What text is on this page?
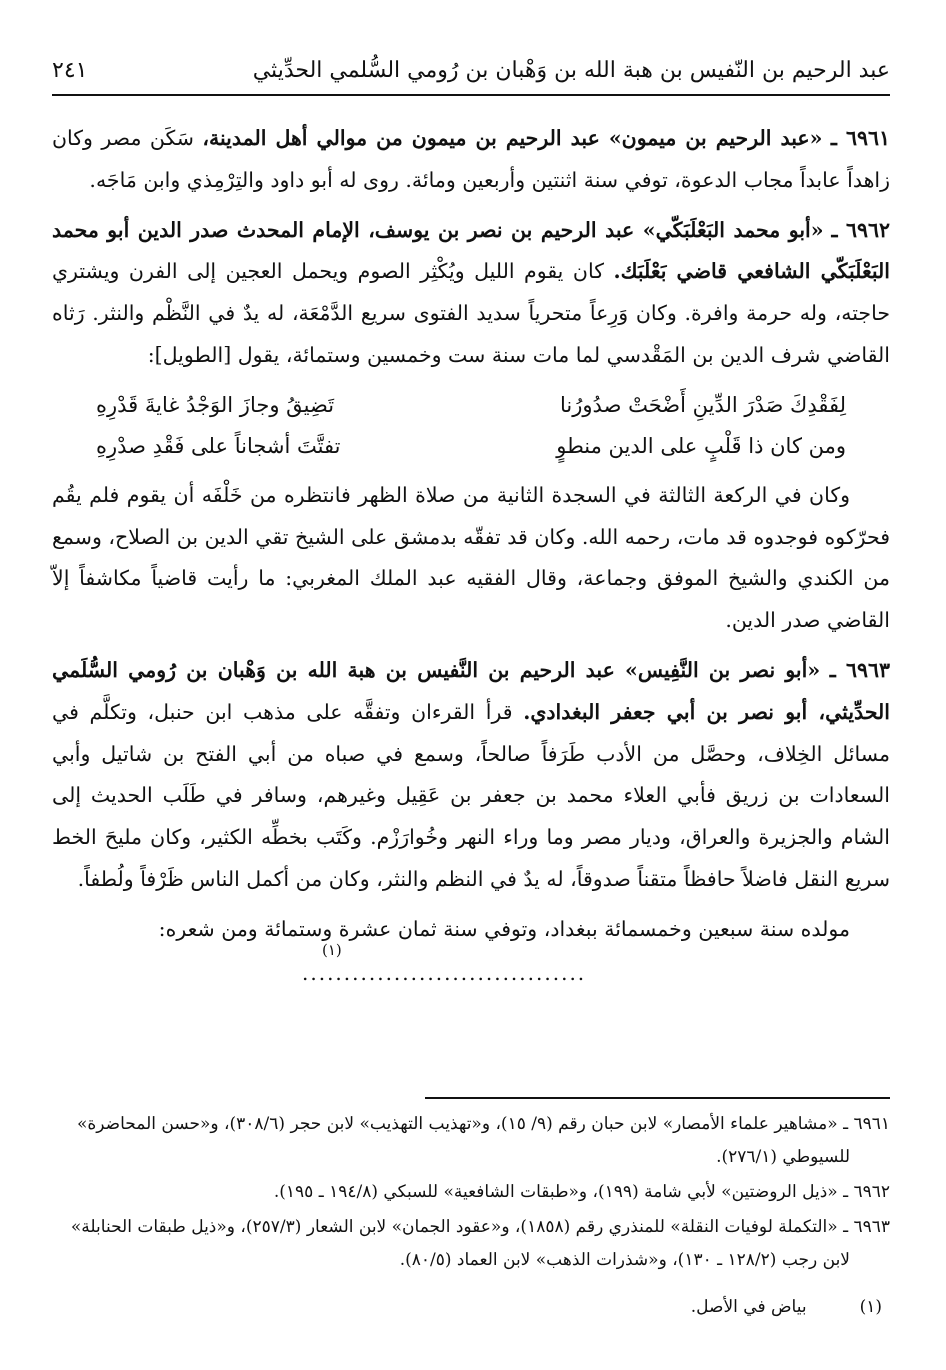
عبد الرحيم بن النّفيس بن هبة الله بن وَهْبان بن رُومي السُّلمي الحدِّيثي
٢٤١

٦٩٦١ ـ «عبد الرحيم بن ميمون» عبد الرحيم بن ميمون من موالي أهل المدينة، سَكَن مصر وكان زاهداً عابداً مجاب الدعوة، توفي سنة اثنتين وأربعين ومائة. روى له أبو داود والتِرْمِذي وابن مَاجَه.

٦٩٦٢ ـ «أبو محمد البَعْلَبَكّي» عبد الرحيم بن نصر بن يوسف، الإمام المحدث صدر الدين أبو محمد البَعْلَبَكّي الشافعي قاضي بَعْلَبَك. كان يقوم الليل ويُكْثِر الصوم ويحمل العجين إلى الفرن ويشتري حاجته، وله حرمة وافرة. وكان وَرِعاً متحرياً سديد الفتوى سريع الدَّمْعَة، له يدٌ في النَّظْم والنثر. رَثاه القاضي شرف الدين بن المَقْدسي لما مات سنة ست وخمسين وستمائة، يقول [الطويل]:

لِفَقْدِكَ صَدْرَ الدِّينِ أَضْحَتْ صدُورُنا
تَضِيقُ وجازَ الوَجْدُ غايةَ قَدْرِهِ
ومن كان ذا قَلْبٍ على الدين منطوٍ
تفتَّتَ أشجاناً على فَقْدِ صدْرِهِ

وكان في الركعة الثالثة في السجدة الثانية من صلاة الظهر فانتظره من خَلْفَه أن يقوم فلم يقُم فحرّكوه فوجدوه قد مات، رحمه الله. وكان قد تفقّه بدمشق على الشيخ تقي الدين بن الصلاح، وسمع من الكندي والشيخ الموفق وجماعة، وقال الفقيه عبد الملك المغربي: ما رأيت قاضياً مكاشفاً إلاّ القاضي صدر الدين.

٦٩٦٣ ـ «أبو نصر بن النَّفِيس» عبد الرحيم بن النَّفيس بن هبة الله بن وَهْبان بن رُومي السُّلَمي الحدِّيثي، أبو نصر بن أبي جعفر البغدادي. قرأ القرءان وتفقَّه على مذهب ابن حنبل، وتكلَّم في مسائل الخِلاف، وحصَّل من الأدب طَرَفاً صالحاً، وسمع في صباه من أبي الفتح بن شاتيل وأبي السعادات بن زريق فأبي العلاء محمد بن جعفر بن عَقِيل وغيرهم، وسافر في طَلَب الحديث إلى الشام والجزيرة والعراق، وديار مصر وما وراء النهر وخُوارَزْم. وكَتَب بخطِّه الكثير، وكان مليحَ الخط سريع النقل فاضلاً حافظاً متقناً صدوقاً، له يدٌ في النظم والنثر، وكان من أكمل الناس ظَرْفاً ولُطفاً.

مولده سنة سبعين وخمسمائة ببغداد، وتوفي سنة ثمان عشرة وستمائة ومن شعره:
(١)
..................................

٦٩٦١ ـ «مشاهير علماء الأمصار» لابن حبان رقم (٩/ ١٥)، و«تهذيب التهذيب» لابن حجر (٣٠٨/٦)، و«حسن المحاضرة» للسيوطي (٢٧٦/١).

٦٩٦٢ ـ «ذيل الروضتين» لأبي شامة (١٩٩)، و«طبقات الشافعية» للسبكي (١٩٤/٨ ـ ١٩٥).

٦٩٦٣ ـ «التكملة لوفيات النقلة» للمنذري رقم (١٨٥٨)، و«عقود الجمان» لابن الشعار (٢٥٧/٣)، و«ذيل طبقات الحنابلة» لابن رجب (١٢٨/٢ ـ ١٣٠)، و«شذرات الذهب» لابن العماد (٨٠/٥).

(١) بياض في الأصل.
